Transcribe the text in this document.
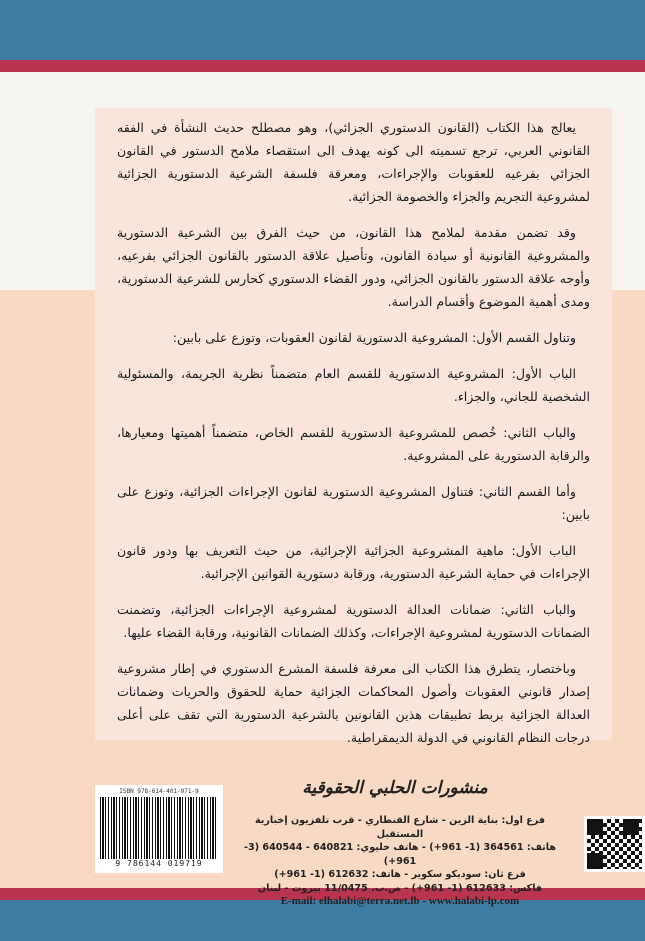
يعالج هذا الكتاب (القانون الدستوري الجزائي)، وهو مصطلح حديث النشأة في الفقه القانوني العربي، ترجع تسميته الى كونه يهدف الى استقصاء ملامح الدستور في القانون الجزائي بفرعيه للعقوبات والإجراءات، ومعرفة فلسفة الشرعية الدستورية الجزائية لمشروعية التجريم والجزاء والخصومة الجزائية.

وقد تضمن مقدمة لملامح هذا القانون، من حيث الفرق بين الشرعية الدستورية والمشروعية القانونية أو سيادة القانون، وتأصيل علاقة الدستور بالقانون الجزائي بفرعيه، وأوجه علاقة الدستور بالقانون الجزائي، ودور القضاء الدستوري كحارس للشرعية الدستورية، ومدى أهمية الموضوع وأقسام الدراسة.

وتناول القسم الأول: المشروعية الدستورية لقانون العقوبات، وتوزع على بابين:

الباب الأول: المشروعية الدستورية للقسم العام متضمناً نظرية الجريمة، والمسئولية الشخصية للجاني، والجزاء.

والباب الثاني: خُصص للمشروعية الدستورية للقسم الخاص، متضمناً أهميتها ومعيارها، والرقابة الدستورية على المشروعية.

وأما القسم الثاني: فتناول المشروعية الدستورية لقانون الإجراءات الجزائية، وتوزع على بابين:

الباب الأول: ماهية المشروعية الجزائية الإجرائية، من حيث التعريف بها ودور قانون الإجراءات في حماية الشرعية الدستورية، ورقابة دستورية القوانين الإجرائية.

والباب الثاني: ضمانات العدالة الدستورية لمشروعية الإجراءات الجزائية، وتضمنت الضمانات الدستورية لمشروعية الإجراءات، وكذلك الضمانات القانونية، ورقابة القضاء عليها.

وباختصار، يتطرق هذا الكتاب الى معرفة فلسفة المشرع الدستوري في إطار مشروعية إصدار قانوني العقوبات وأصول المحاكمات الجزائية حماية للحقوق والحريات وضمانات العدالة الجزائية بربط تطبيقات هذين القانونين بالشرعية الدستورية التي تقف على أعلى درجات النظام القانوني في الدولة الديمقراطية.

ISBN 978-614-401-971-9
9 786144 019719
منشورات الحلبي الحقوقية
فرع اول: بناية الزين - شارع القنطاري - قرب تلفزيون إخبارية المستقبل
هاتف: 364561 (1- 961+) - هاتف خليوي: 640821 - 640544 (3- 961+)
فرع ثان: سوديكو سكوير - هاتف: 612632 (1- 961+)
فاكس: 612633 (1- 961+) - ص.ب. 11/0475 بيروت - لبنان
E-mail: elhalabi@terra.net.lb - www.halabi-lp.com
